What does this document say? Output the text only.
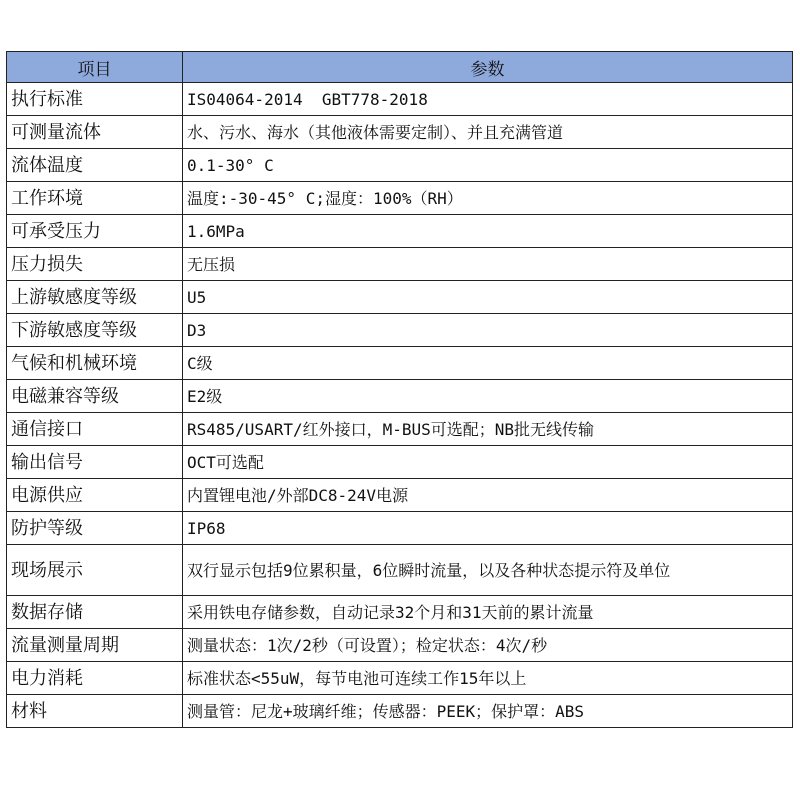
项目	参数
执行标准	IS04064-2014  GBT778-2018
可测量流体	水、污水、海水（其他液体需要定制）、并且充满管道
流体温度	0.1-30° C
工作环境	温度:-30-45° C;湿度：100%（RH）
可承受压力	1.6MPa
压力损失	无压损
上游敏感度等级	U5
下游敏感度等级	D3
气候和机械环境	C级
电磁兼容等级	E2级
通信接口	RS485/USART/红外接口，M-BUS可选配；NB批无线传输
输出信号	OCT可选配
电源供应	内置锂电池/外部DC8-24V电源
防护等级	IP68
现场展示	双行显示包括9位累积量，6位瞬时流量，以及各种状态提示符及单位
数据存储	采用铁电存储参数，自动记录32个月和31天前的累计流量
流量测量周期	测量状态：1次/2秒（可设置）；检定状态：4次/秒
电力消耗	标准状态<55uW，每节电池可连续工作15年以上
材料	测量管：尼龙+玻璃纤维；传感器：PEEK；保护罩：ABS
